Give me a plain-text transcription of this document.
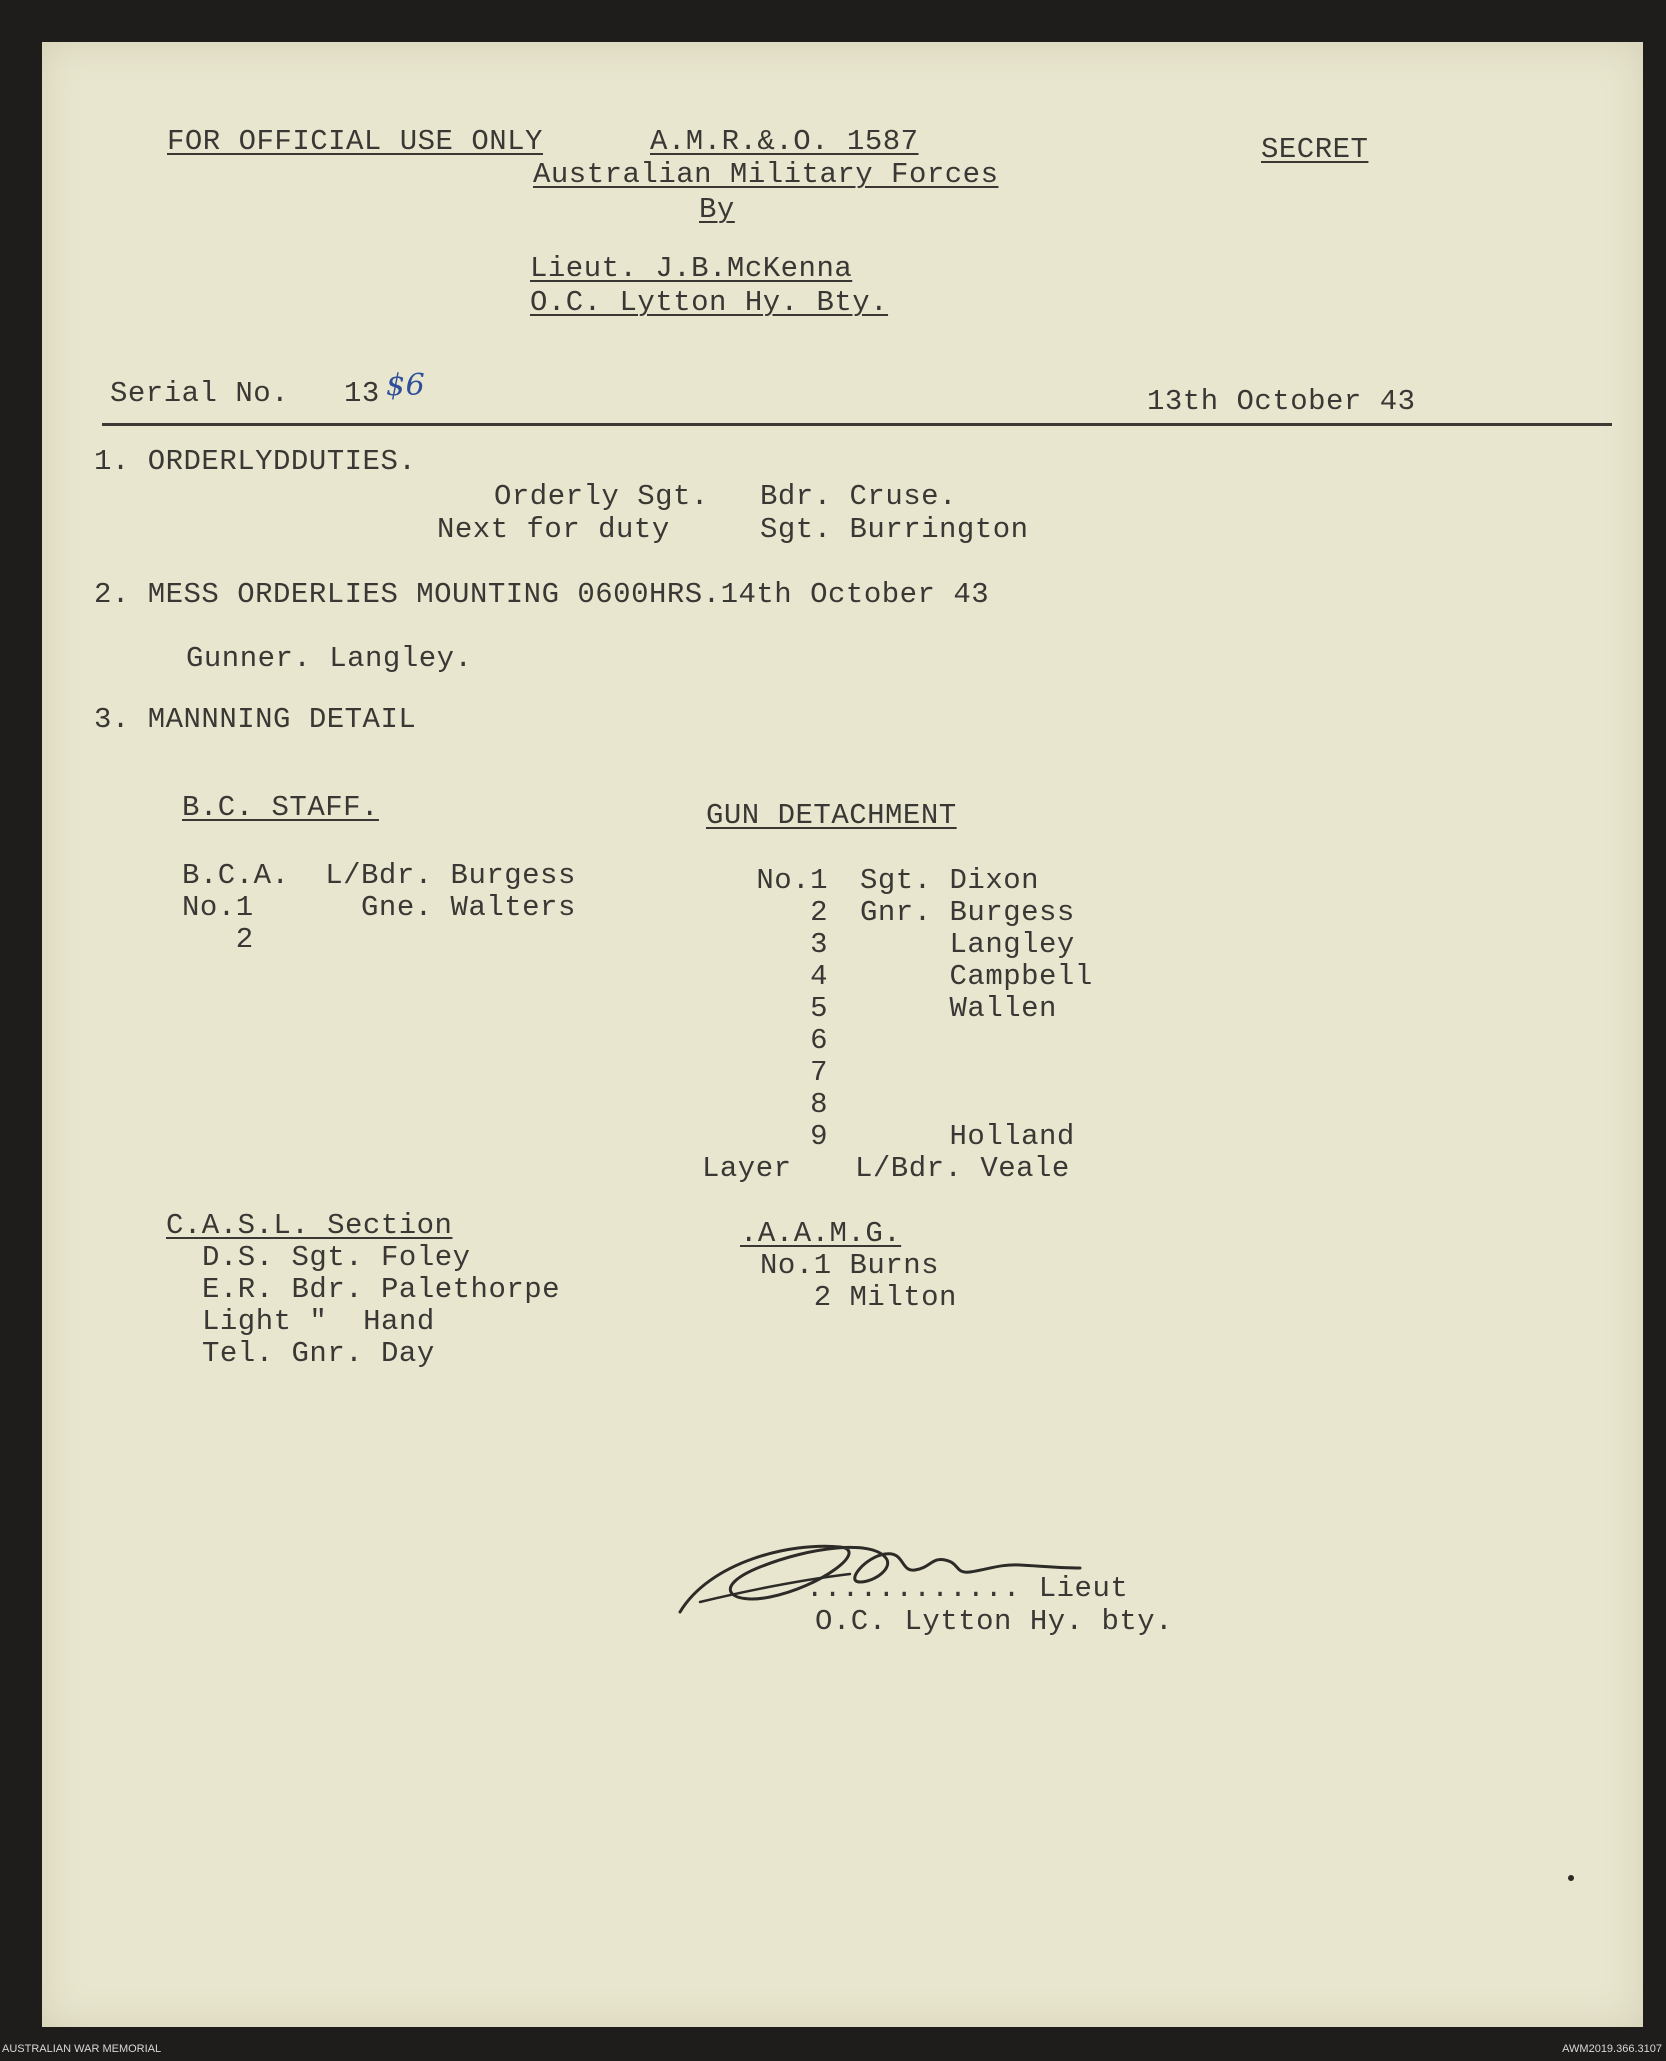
FOR OFFICIAL USE ONLY	A.M.R.&.O. 1587	SECRET
Australian Military Forces
By
Lieut. J.B.McKenna
O.C. Lytton Hy. Bty.
Serial No. 13 $6	13th October 43
1. ORDERLYDDUTIES.
Orderly Sgt. Bdr. Cruse.
Next for duty	Sgt. Burrington
2. MESS ORDERLIES MOUNTING 0600HRS.14th October 43
Gunner. Langley.
3. MANNNING DETAIL
B.C. STAFF.
B.C.A.  L/Bdr. Burgess
No.1      Gne. Walters
2
GUN DETACHMENT
No.1 Sgt. Dixon
2 Gnr. Burgess
3 Langley
4 Campbell
5 Wallen
6
7
8
9 Holland
Layer L/Bdr. Veale
C.A.S.L. Section
D.S. Sgt. Foley
E.R. Bdr. Palethorpe
Light "  Hand
Tel. Gnr. Day
.A.A.M.G.
No.1 Burns
2 Milton
............ Lieut
O.C. Lytton Hy. bty.
AUSTRALIAN WAR MEMORIAL	AWM2019.366.3107
